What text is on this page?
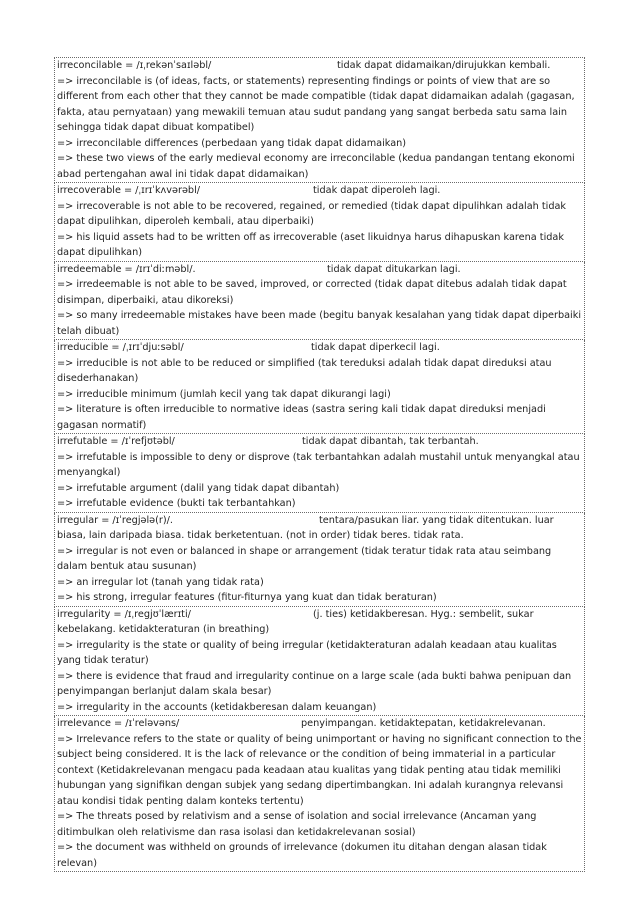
irreconcilable = /ɪˌrekənˈsaɪləbl/	tidak dapat didamaikan/dirujukkan kembali.
=> irreconcilable is (of ideas, facts, or statements) representing findings or points of view that are so different from each other that they cannot be made compatible (tidak dapat didamaikan adalah (gagasan, fakta, atau pernyataan) yang mewakili temuan atau sudut pandang yang sangat berbeda satu sama lain sehingga tidak dapat dibuat kompatibel)
=> irreconcilable differences (perbedaan yang tidak dapat didamaikan)
=> these two views of the early medieval economy are irreconcilable (kedua pandangan tentang ekonomi abad pertengahan awal ini tidak dapat didamaikan)
irrecoverable = /ˌɪrɪˈkʌvərəbl/	tidak dapat diperoleh lagi.
=> irrecoverable is not able to be recovered, regained, or remedied (tidak dapat dipulihkan adalah tidak dapat dipulihkan, diperoleh kembali, atau diperbaiki)
=> his liquid assets had to be written off as irrecoverable (aset likuidnya harus dihapuskan karena tidak dapat dipulihkan)
irredeemable = /ɪrɪˈdiːməbl/.	tidak dapat ditukarkan lagi.
=> irredeemable is not able to be saved, improved, or corrected (tidak dapat ditebus adalah tidak dapat disimpan, diperbaiki, atau dikoreksi)
=> so many irredeemable mistakes have been made (begitu banyak kesalahan yang tidak dapat diperbaiki telah dibuat)
irreducible = /ˌɪrɪˈdjuːsəbl/	tidak dapat diperkecil lagi.
=> irreducible is not able to be reduced or simplified (tak tereduksi adalah tidak dapat direduksi atau disederhanakan)
=> irreducible minimum (jumlah kecil yang tak dapat dikurangi lagi)
=> literature is often irreducible to normative ideas (sastra sering kali tidak dapat direduksi menjadi gagasan normatif)
irrefutable = /ɪˈrefjʊtəbl/	tidak dapat dibantah, tak terbantah.
=> irrefutable is impossible to deny or disprove (tak terbantahkan adalah mustahil untuk menyangkal atau menyangkal)
=> irrefutable argument (dalil yang tidak dapat dibantah)
=> irrefutable evidence (bukti tak terbantahkan)
irregular = /ɪˈregjələ(r)/.	tentara/pasukan liar. yang tidak ditentukan. luar
biasa, lain daripada biasa. tidak berketentuan. (not in order) tidak beres. tidak rata.
=> irregular is not even or balanced in shape or arrangement (tidak teratur tidak rata atau seimbang dalam bentuk atau susunan)
=> an irregular lot (tanah yang tidak rata)
=> his strong, irregular features (fitur-fiturnya yang kuat dan tidak beraturan)
irregularity = /ɪˌregjʊˈlærɪti/	(j. ties) ketidakberesan. Hyg.: sembelit, sukar
kebelakang. ketidakteraturan (in breathing)
=> irregularity is the state or quality of being irregular (ketidakteraturan adalah keadaan atau kualitas yang tidak teratur)
=> there is evidence that fraud and irregularity continue on a large scale (ada bukti bahwa penipuan dan penyimpangan berlanjut dalam skala besar)
=> irregularity in the accounts (ketidakberesan dalam keuangan)
irrelevance = /ɪˈreləvəns/	penyimpangan. ketidaktepatan, ketidakrelevanan.
=> Irrelevance refers to the state or quality of being unimportant or having no significant connection to the subject being considered. It is the lack of relevance or the condition of being immaterial in a particular context (Ketidakrelevanan mengacu pada keadaan atau kualitas yang tidak penting atau tidak memiliki hubungan yang signifikan dengan subjek yang sedang dipertimbangkan. Ini adalah kurangnya relevansi atau kondisi tidak penting dalam konteks tertentu)
=> The threats posed by relativism and a sense of isolation and social irrelevance (Ancaman yang ditimbulkan oleh relativisme dan rasa isolasi dan ketidakrelevanan sosial)
=> the document was withheld on grounds of irrelevance (dokumen itu ditahan dengan alasan tidak relevan)
